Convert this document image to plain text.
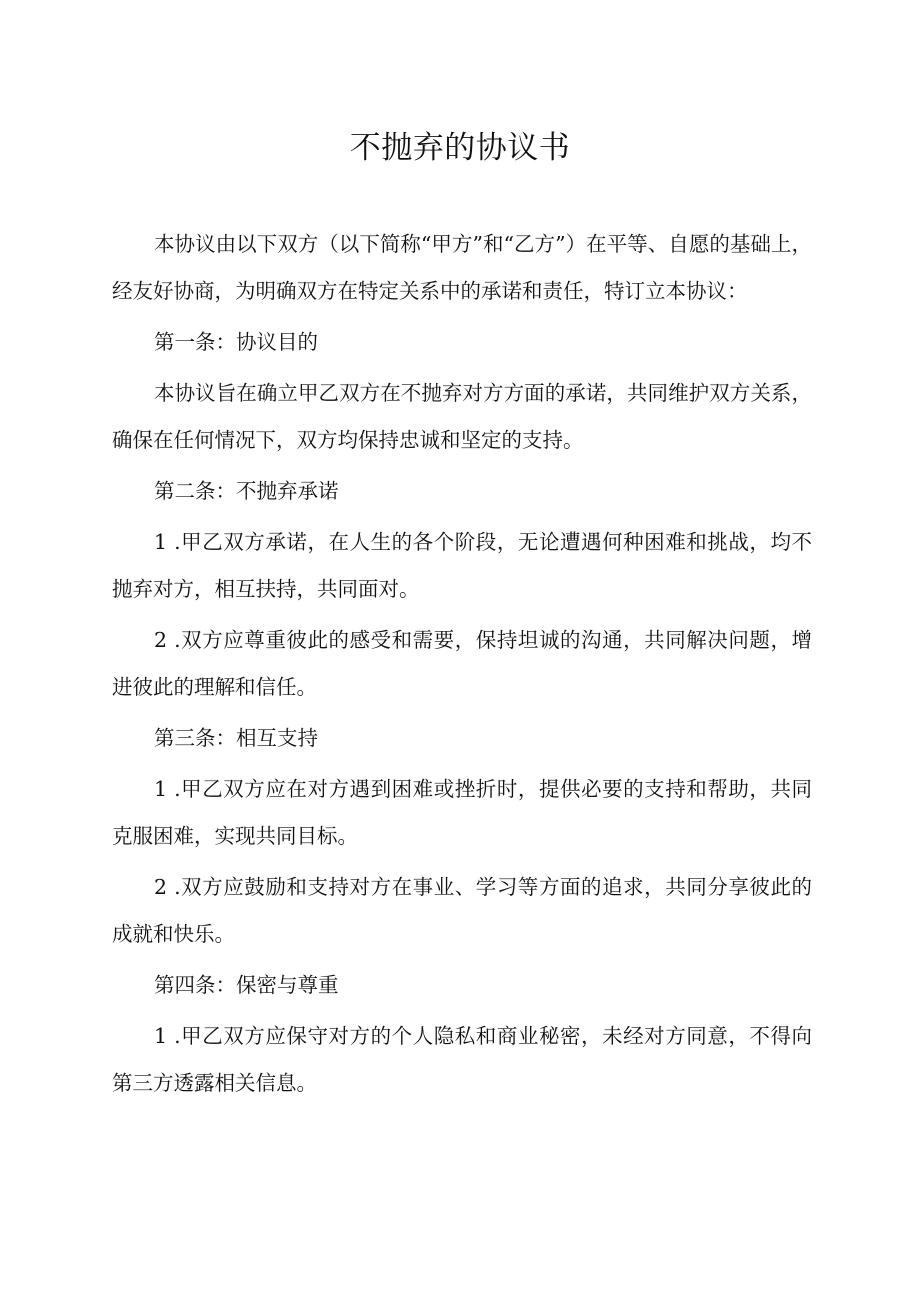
不抛弃的协议书

本协议由以下双方（以下简称“甲方”和“乙方”）在平等、自愿的基础上，经友好协商，为明确双方在特定关系中的承诺和责任，特订立本协议：

第一条：协议目的

本协议旨在确立甲乙双方在不抛弃对方方面的承诺，共同维护双方关系，确保在任何情况下，双方均保持忠诚和坚定的支持。

第二条：不抛弃承诺

1 .甲乙双方承诺，在人生的各个阶段，无论遭遇何种困难和挑战，均不抛弃对方，相互扶持，共同面对。

2 .双方应尊重彼此的感受和需要，保持坦诚的沟通，共同解决问题，增进彼此的理解和信任。

第三条：相互支持

1 .甲乙双方应在对方遇到困难或挫折时，提供必要的支持和帮助，共同克服困难，实现共同目标。

2 .双方应鼓励和支持对方在事业、学习等方面的追求，共同分享彼此的成就和快乐。

第四条：保密与尊重

1 .甲乙双方应保守对方的个人隐私和商业秘密，未经对方同意，不得向第三方透露相关信息。
